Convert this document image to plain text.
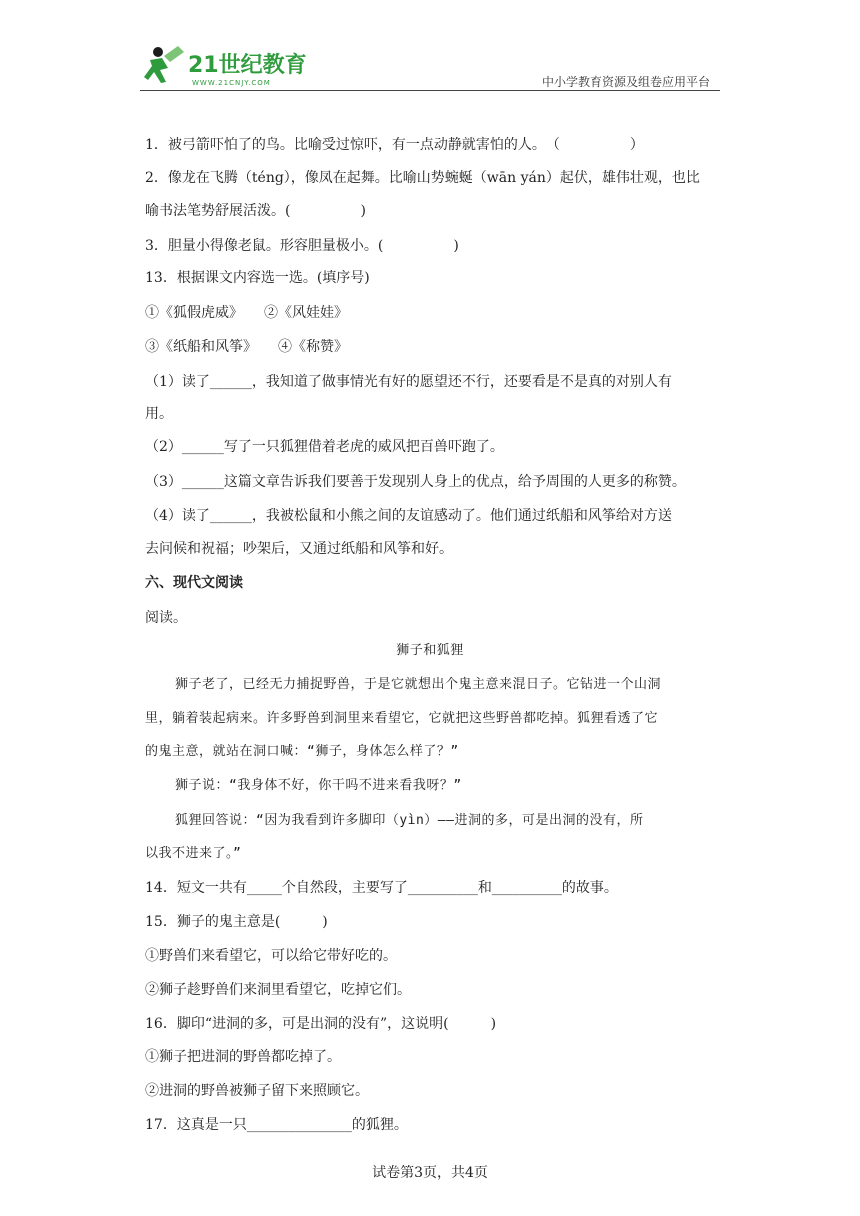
21世纪教育
WWW.21CNJY.COM	中小学教育资源及组卷应用平台
1．被弓箭吓怕了的鸟。比喻受过惊吓，有一点动静就害怕的人。　（　　　　　）
2．像龙在飞腾（téng），像凤在起舞。比喻山势蜿蜒（wān yán）起伏，雄伟壮观，也比
喻书法笔势舒展活泼。(　　　　　)
3．胆量小得像老鼠。形容胆量极小。(　　　　　)
13．根据课文内容选一选。(填序号)
①《狐假虎威》　　②《风娃娃》
③《纸船和风筝》　　④《称赞》
（1）读了______，我知道了做事情光有好的愿望还不行，还要看是不是真的对别人有
用。
（2）______写了一只狐狸借着老虎的威风把百兽吓跑了。
（3）______这篇文章告诉我们要善于发现别人身上的优点，给予周围的人更多的称赞。
（4）读了______，我被松鼠和小熊之间的友谊感动了。他们通过纸船和风筝给对方送
去问候和祝福；吵架后，又通过纸船和风筝和好。
六、现代文阅读
阅读。
狮子和狐狸
狮子老了，已经无力捕捉野兽，于是它就想出个鬼主意来混日子。它钻进一个山洞
里，躺着装起病来。许多野兽到洞里来看望它，它就把这些野兽都吃掉。狐狸看透了它
的鬼主意，就站在洞口喊：“狮子，身体怎么样了？”
狮子说：“我身体不好，你干吗不进来看我呀？”
狐狸回答说：“因为我看到许多脚印（yìn）——进洞的多，可是出洞的没有，所
以我不进来了。”
14．短文一共有_____个自然段，主要写了__________和__________的故事。
15．狮子的鬼主意是(　　　)
①野兽们来看望它，可以给它带好吃的。
②狮子趁野兽们来洞里看望它，吃掉它们。
16．脚印“进洞的多，可是出洞的没有”，这说明(　　　)
①狮子把进洞的野兽都吃掉了。
②进洞的野兽被狮子留下来照顾它。
17．这真是一只_______________的狐狸。
试卷第3页，共4页
